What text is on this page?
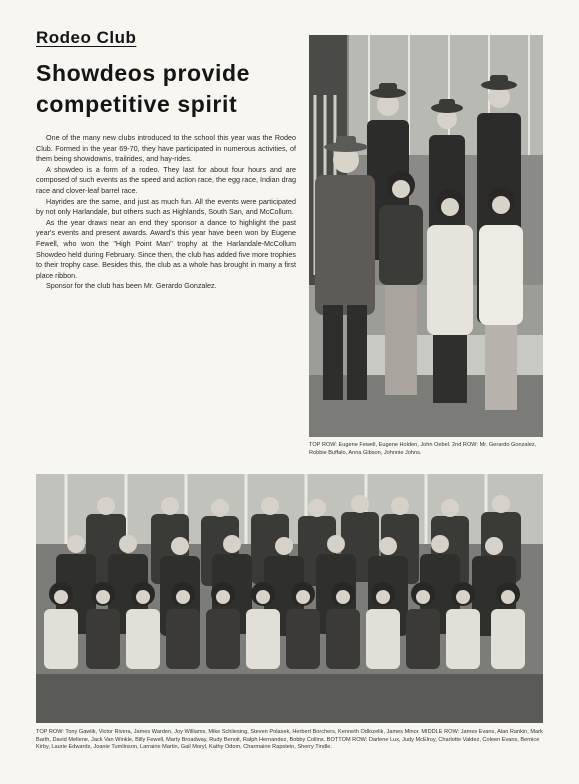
Rodeo Club
Showdeos provide
competitive spirit

One of the many new clubs introduced to the school this year was the Rodeo Club. Formed in the year 69-70, they have participated in numerous activities, of them being showdowns, trailrides, and hay-rides.

A showdeo is a form of a rodeo. They last for about four hours and are composed of such events as the speed and action race, the egg race, Indian drag race and clover-leaf barrel race.

Hayrides are the same, and just as much fun. All the events were participated by not only Harlandale, but others such as Highlands, South San, and McCollum.

As the year draws near an end they sponsor a dance to highlight the past year's events and present awards. Award's this year have been won by Eugene Fewell, who won the "High Point Man" trophy at the Harlandale-McCollum Showdeo held during February. Since then, the club has added five more trophies to their trophy case. Besides this, the club as a whole has brought in many a first place ribbon.

Sponsor for the club has been Mr. Gerardo Gonzalez.

TOP ROW: Eugene Fewell, Eugene Holden, John Oebel. 2nd ROW: Mr. Gerardo Gonzalez, Robbie Buffalo, Anna Gibson, Johnnie Johns.
TOP ROW: Tony Gawlik, Victor Rivera, James Warden, Joy Williams, Mike Schliesing, Steven Polasek, Herbert Borchers, Kenneth Odlozelik, James Minor. MIDDLE ROW: James Evans, Alan Rankin, Mark Barth, David Mellene, Jack Van Winkle, Billy Fewell, Marty Broadway, Rudy Benoit, Ralph Hernandez, Bobby Collins. BOTTOM ROW: Darlene Lux, Judy McElroy, Charlotte Valdez, Coleen Evans, Bernice Kirby, Laurie Edwards, Joanie Tumlinson, Larraine Martin, Gail Moryl, Kathy Odom, Charmaine Rapstein, Sherry Tindle.
